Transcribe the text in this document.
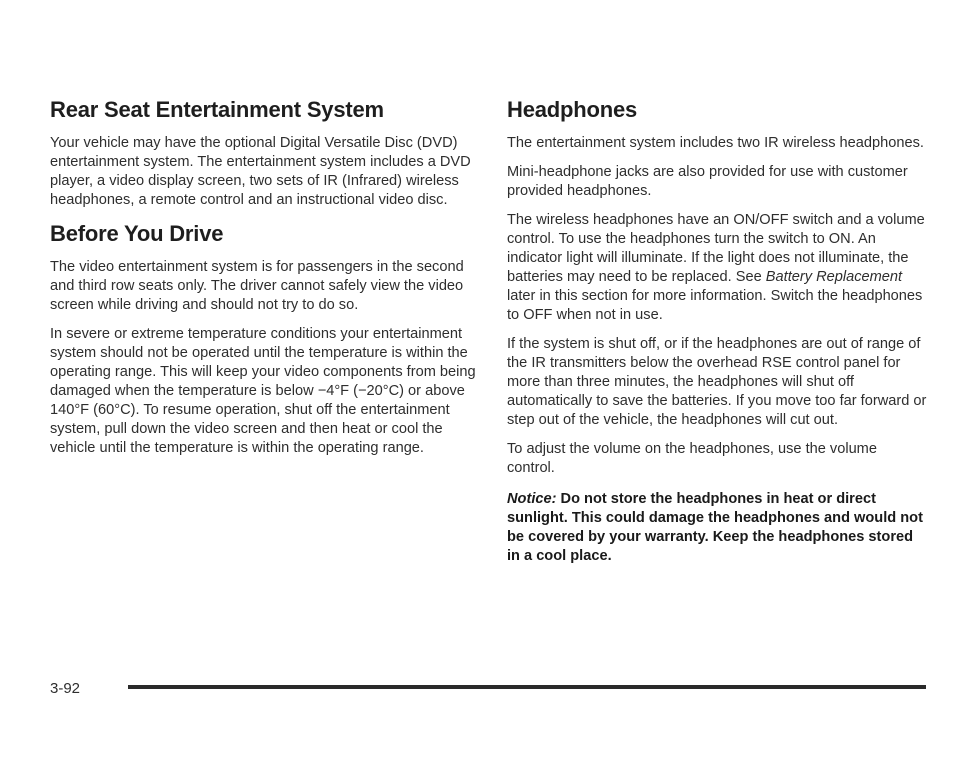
Rear Seat Entertainment System

Your vehicle may have the optional Digital Versatile Disc (DVD) entertainment system. The entertainment system includes a DVD player, a video display screen, two sets of IR (Infrared) wireless headphones, a remote control and an instructional video disc.

Before You Drive

The video entertainment system is for passengers in the second and third row seats only. The driver cannot safely view the video screen while driving and should not try to do so.

In severe or extreme temperature conditions your entertainment system should not be operated until the temperature is within the operating range. This will keep your video components from being damaged when the temperature is below −4°F (−20°C) or above 140°F (60°C). To resume operation, shut off the entertainment system, pull down the video screen and then heat or cool the vehicle until the temperature is within the operating range.

Headphones

The entertainment system includes two IR wireless headphones.

Mini-headphone jacks are also provided for use with customer provided headphones.

The wireless headphones have an ON/OFF switch and a volume control. To use the headphones turn the switch to ON. An indicator light will illuminate. If the light does not illuminate, the batteries may need to be replaced. See Battery Replacement later in this section for more information. Switch the headphones to OFF when not in use.

If the system is shut off, or if the headphones are out of range of the IR transmitters below the overhead RSE control panel for more than three minutes, the headphones will shut off automatically to save the batteries. If you move too far forward or step out of the vehicle, the headphones will cut out.

To adjust the volume on the headphones, use the volume control.

Notice: Do not store the headphones in heat or direct sunlight. This could damage the headphones and would not be covered by your warranty. Keep the headphones stored in a cool place.

3-92
